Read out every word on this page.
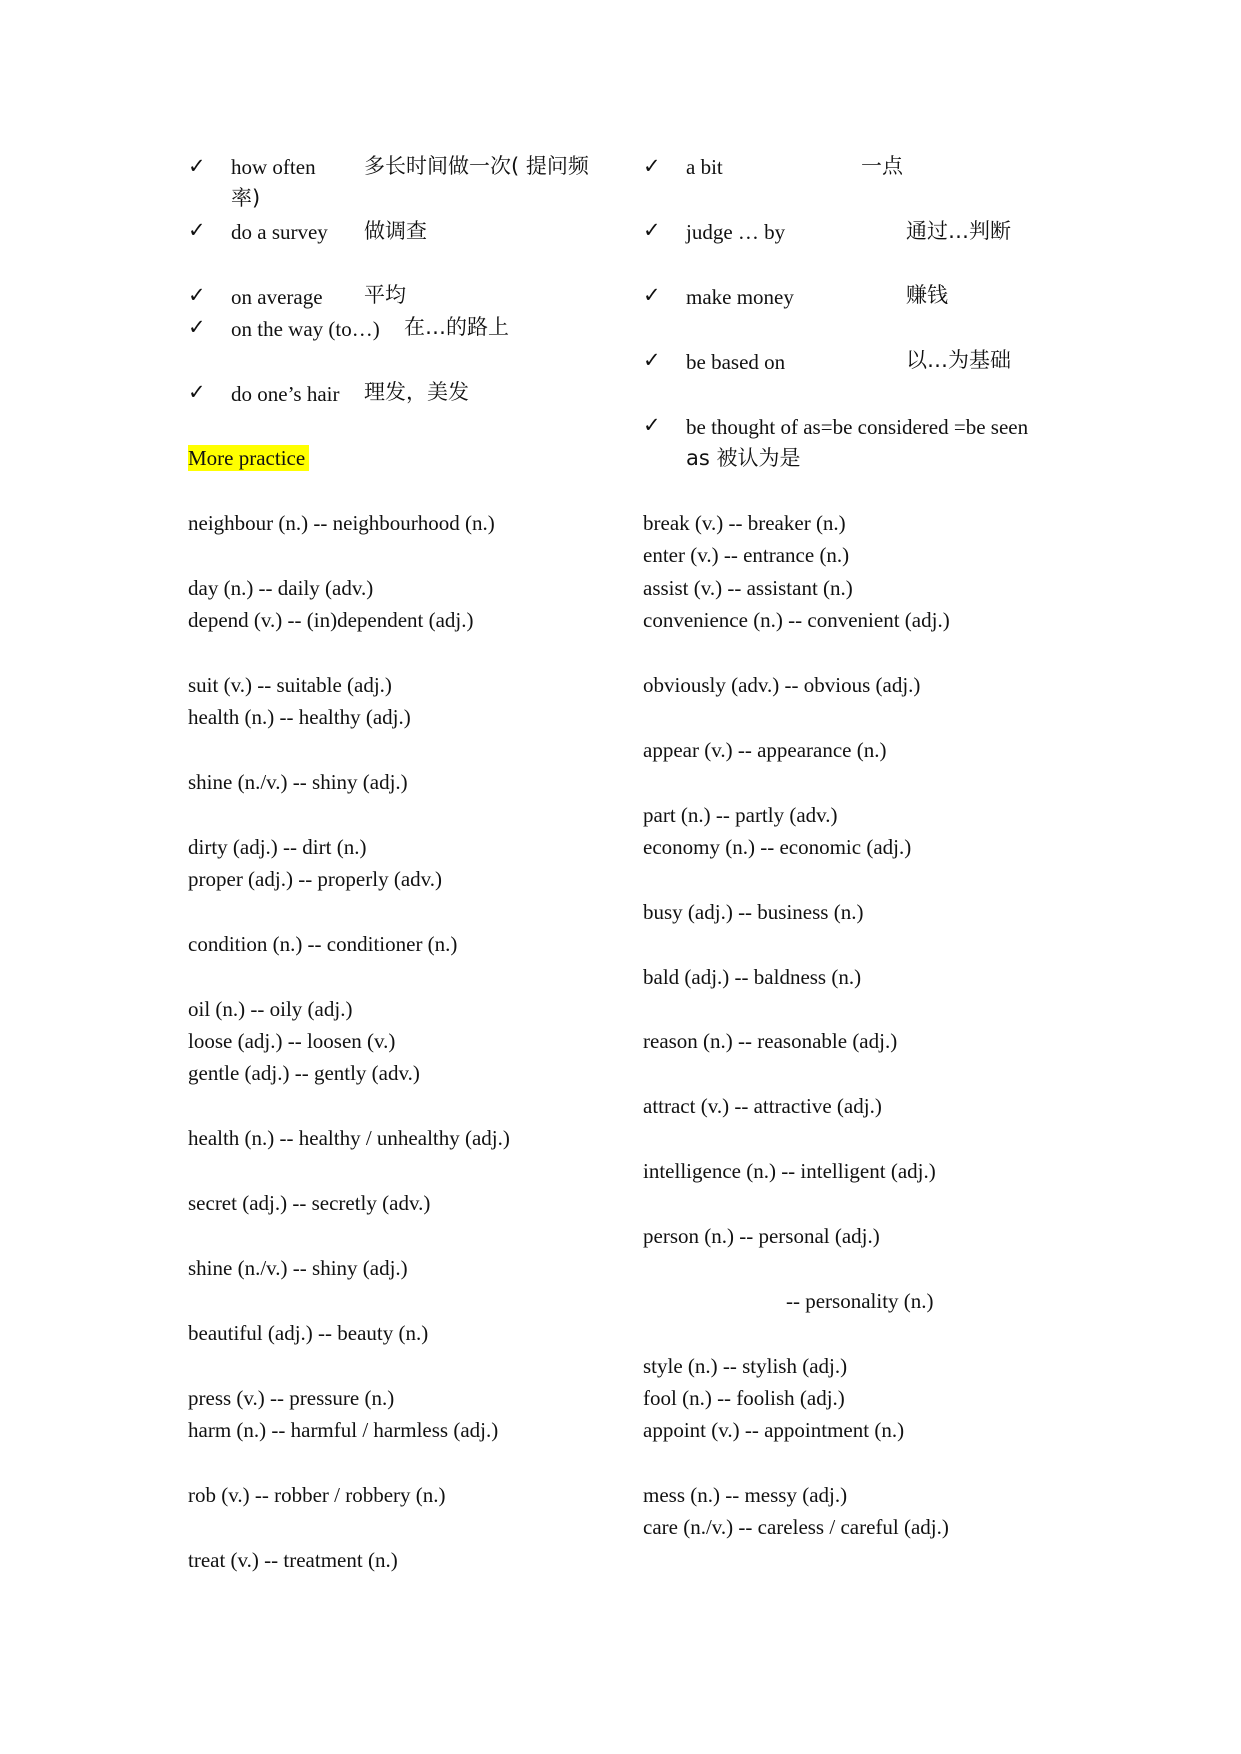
✓ how often 多长时间做一次( 提问频
率)
✓ do a survey 做调查
✓ on average 平均
✓ on the way (to…) 在…的路上
✓ do one’s hair 理发，美发
More practice
neighbour (n.) -- neighbourhood (n.)
day (n.) -- daily (adv.)
depend (v.) -- (in)dependent (adj.)
suit (v.) -- suitable (adj.)
health (n.) -- healthy (adj.)
shine (n./v.) -- shiny (adj.)
dirty (adj.) -- dirt (n.)
proper (adj.) -- properly (adv.)
condition (n.) -- conditioner (n.)
oil (n.) -- oily (adj.)
loose (adj.) -- loosen (v.)
gentle (adj.) -- gently (adv.)
health (n.) -- healthy / unhealthy (adj.)
secret (adj.) -- secretly (adv.)
shine (n./v.) -- shiny (adj.)
beautiful (adj.) -- beauty (n.)
press (v.) -- pressure (n.)
harm (n.) -- harmful / harmless (adj.)
rob (v.) -- robber / robbery (n.)
treat (v.) -- treatment (n.)
✓ a bit	一点
✓ judge … by	通过…判断
✓ make money	赚钱
✓ be based on	以…为基础
✓ be thought of as=be considered =be seen
as 被认为是
break (v.) -- breaker (n.)
enter (v.) -- entrance (n.)
assist (v.) -- assistant (n.)
convenience (n.) -- convenient (adj.)
obviously (adv.) -- obvious (adj.)
appear (v.) -- appearance (n.)
part (n.) -- partly (adv.)
economy (n.) -- economic (adj.)
busy (adj.) -- business (n.)
bald (adj.) -- baldness (n.)
reason (n.) -- reasonable (adj.)
attract (v.) -- attractive (adj.)
intelligence (n.) -- intelligent (adj.)
person (n.) -- personal (adj.)
-- personality (n.)
style (n.) -- stylish (adj.)
fool (n.) -- foolish (adj.)
appoint (v.) -- appointment (n.)
mess (n.) -- messy (adj.)
care (n./v.) -- careless / careful (adj.)
